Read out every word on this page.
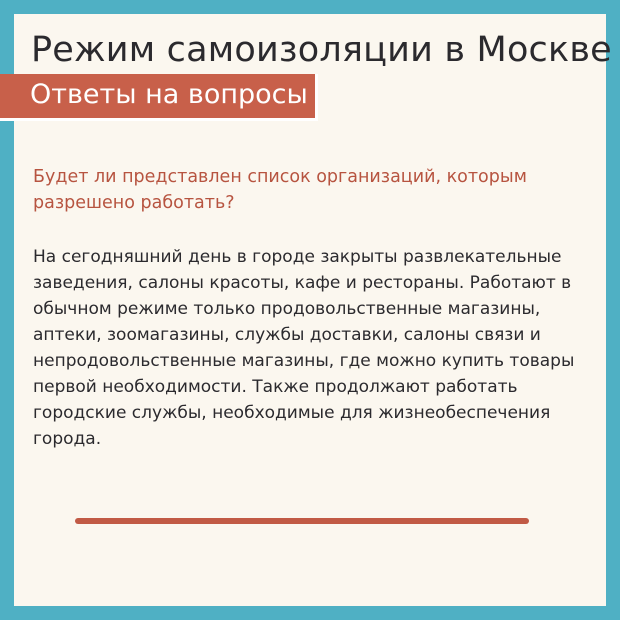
Режим самоизоляции в Москве
Ответы на вопросы
Будет ли представлен список организаций, которым разрешено работать?

На сегодняшний день в городе закрыты развлекательные заведения, салоны красоты, кафе и рестораны. Работают в обычном режиме только продовольственные магазины, аптеки, зоомагазины, службы доставки, салоны связи и непродовольственные магазины, где можно купить товары первой необходимости. Также продолжают работать городские службы, необходимые для жизнеобеспечения города.
